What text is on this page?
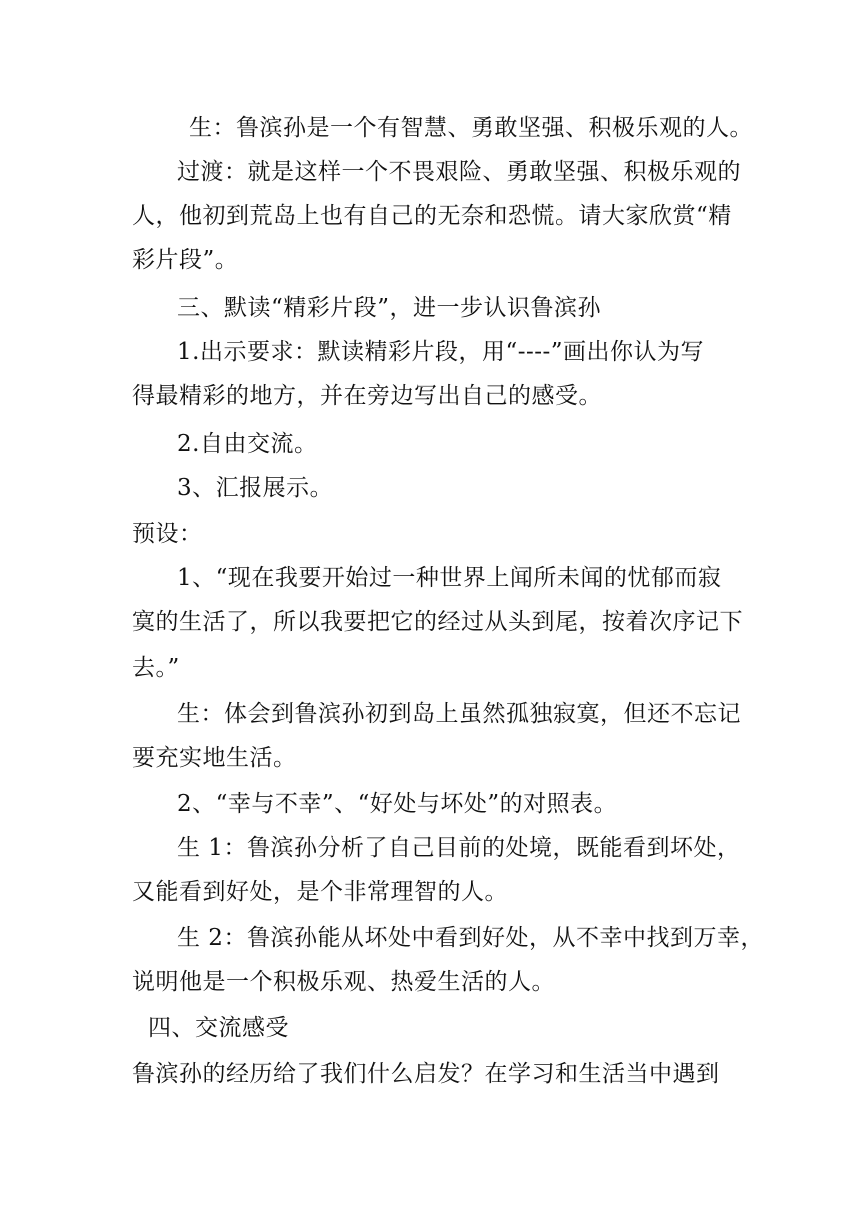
生：鲁滨孙是一个有智慧、勇敢坚强、积极乐观的人。
过渡：就是这样一个不畏艰险、勇敢坚强、积极乐观的
人，他初到荒岛上也有自己的无奈和恐慌。请大家欣赏“精
彩片段”。
三、默读“精彩片段”，进一步认识鲁滨孙
1.出示要求：默读精彩片段，用“----”画出你认为写
得最精彩的地方，并在旁边写出自己的感受。
2.自由交流。
3、汇报展示。
预设：
1、“现在我要开始过一种世界上闻所未闻的忧郁而寂
寞的生活了，所以我要把它的经过从头到尾，按着次序记下
去。”
生：体会到鲁滨孙初到岛上虽然孤独寂寞，但还不忘记
要充实地生活。
2、“幸与不幸”、“好处与坏处”的对照表。
生 1：鲁滨孙分析了自己目前的处境，既能看到坏处，
又能看到好处，是个非常理智的人。
生 2：鲁滨孙能从坏处中看到好处，从不幸中找到万幸，
说明他是一个积极乐观、热爱生活的人。
四、交流感受
鲁滨孙的经历给了我们什么启发？在学习和生活当中遇到
